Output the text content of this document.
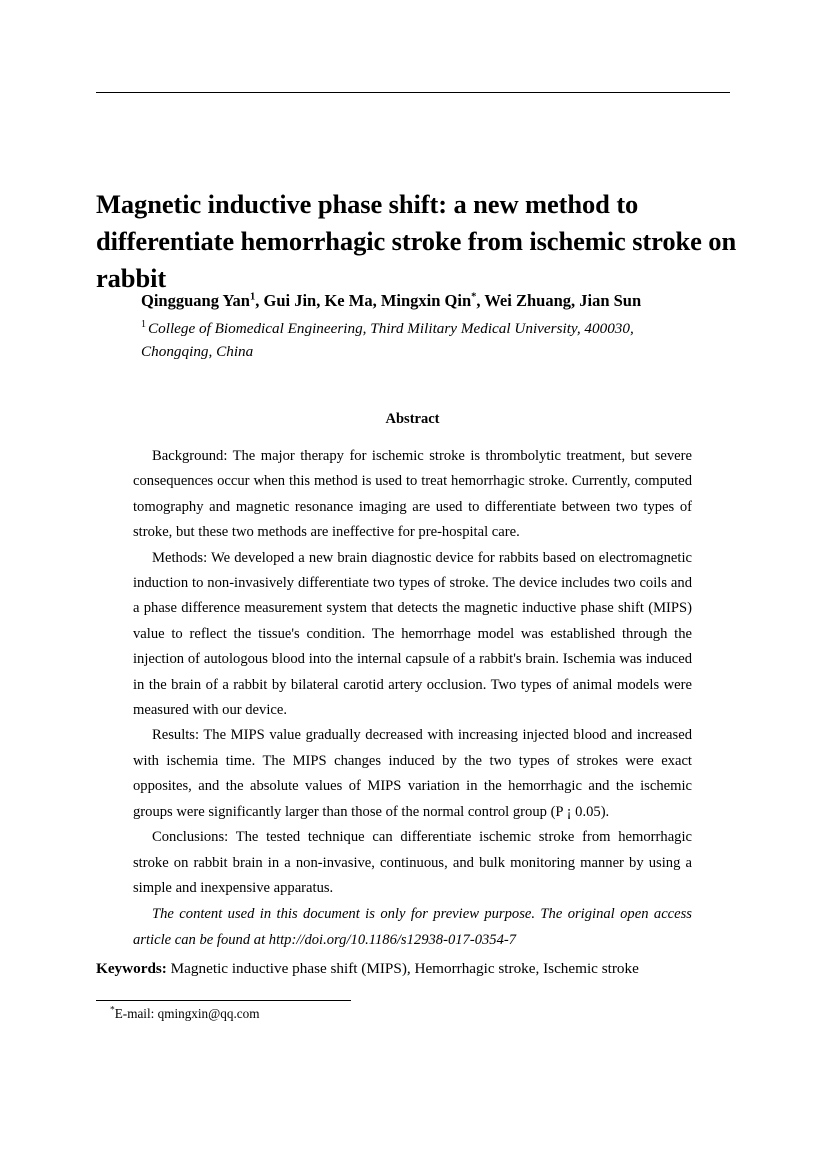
Magnetic inductive phase shift: a new method to differentiate hemorrhagic stroke from ischemic stroke on rabbit

Qingguang Yan$^1$, Gui Jin, Ke Ma, Mingxin Qin*, Wei Zhuang, Jian Sun

$^1$ College of Biomedical Engineering, Third Military Medical University, 400030, Chongqing, China

Abstract

Background: The major therapy for ischemic stroke is thrombolytic treatment, but severe consequences occur when this method is used to treat hemorrhagic stroke. Currently, computed tomography and magnetic resonance imaging are used to differentiate between two types of stroke, but these two methods are ineffective for pre-hospital care.

Methods: We developed a new brain diagnostic device for rabbits based on electromagnetic induction to non-invasively differentiate two types of stroke. The device includes two coils and a phase difference measurement system that detects the magnetic inductive phase shift (MIPS) value to reflect the tissue's condition. The hemorrhage model was established through the injection of autologous blood into the internal capsule of a rabbit's brain. Ischemia was induced in the brain of a rabbit by bilateral carotid artery occlusion. Two types of animal models were measured with our device.

Results: The MIPS value gradually decreased with increasing injected blood and increased with ischemia time. The MIPS changes induced by the two types of strokes were exact opposites, and the absolute values of MIPS variation in the hemorrhagic and the ischemic groups were significantly larger than those of the normal control group (P ¡ 0.05).

Conclusions: The tested technique can differentiate ischemic stroke from hemorrhagic stroke on rabbit brain in a non-invasive, continuous, and bulk monitoring manner by using a simple and inexpensive apparatus.

The content used in this document is only for preview purpose. The original open access article can be found at http://doi.org/10.1186/s12938-017-0354-7

Keywords: Magnetic inductive phase shift (MIPS), Hemorrhagic stroke, Ischemic stroke
*E-mail: qmingxin@qq.com
